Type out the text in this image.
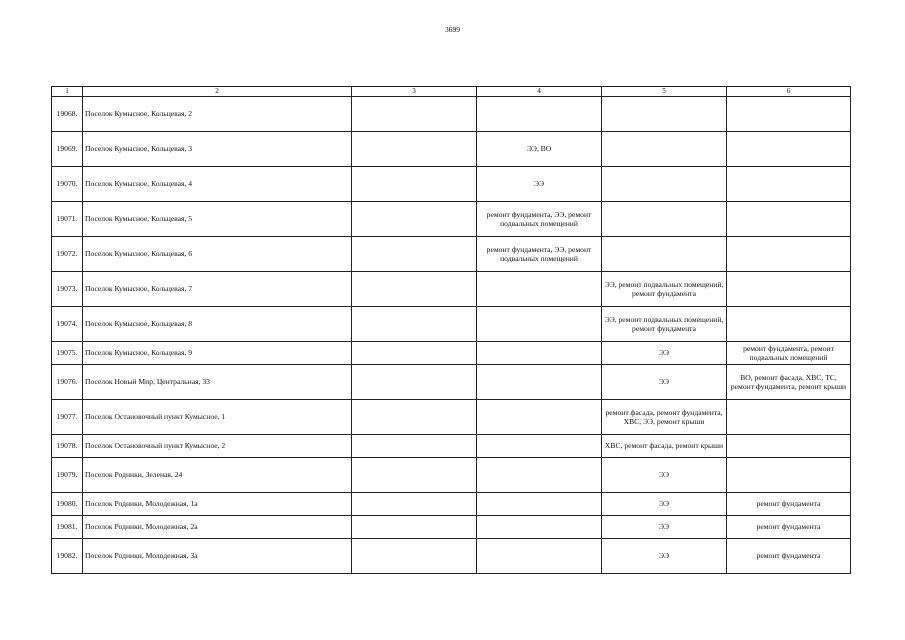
3699
1	2	3	4	5	6
19068.	Поселок Кумысное, Кольцевая, 2				
19069.	Поселок Кумысное, Кольцевая, 3		ЭЭ, ВО		
19070.	Поселок Кумысное, Кольцевая, 4		ЭЭ		
19071.	Поселок Кумысное, Кольцевая, 5		ремонт фундамента, ЭЭ, ремонт подвальных помещений		
19072.	Поселок Кумысное, Кольцевая, 6		ремонт фундамента, ЭЭ, ремонт подвальных помещений		
19073.	Поселок Кумысное, Кольцевая, 7			ЭЭ, ремонт подвальных помещений, ремонт фундамента	
19074.	Поселок Кумысное, Кольцевая, 8			ЭЭ, ремонт подвальных помещений, ремонт фундамента	
19075.	Поселок Кумысное, Кольцевая, 9			ЭЭ	ремонт фундамента, ремонт подвальных помещений
19076.	Поселок Новый Мир, Центральная, 33			ЭЭ	ВО, ремонт фасада, ХВС, ТС, ремонт фундамента, ремонт крыши
19077.	Поселок Остановочный пункт Кумысное, 1			ремонт фасада, ремонт фундамента, ХВС, ЭЭ, ремонт крыши	
19078.	Поселок Остановочный пункт Кумысное, 2			ХВС, ремонт фасада, ремонт крыши	
19079.	Поселок Родники, Зеленая, 24			ЭЭ	
19080.	Поселок Родники, Молодежная, 1а			ЭЭ	ремонт фундамента
19081.	Поселок Родники, Молодежная, 2а			ЭЭ	ремонт фундамента
19082.	Поселок Родники, Молодежная, 3а			ЭЭ	ремонт фундамента
